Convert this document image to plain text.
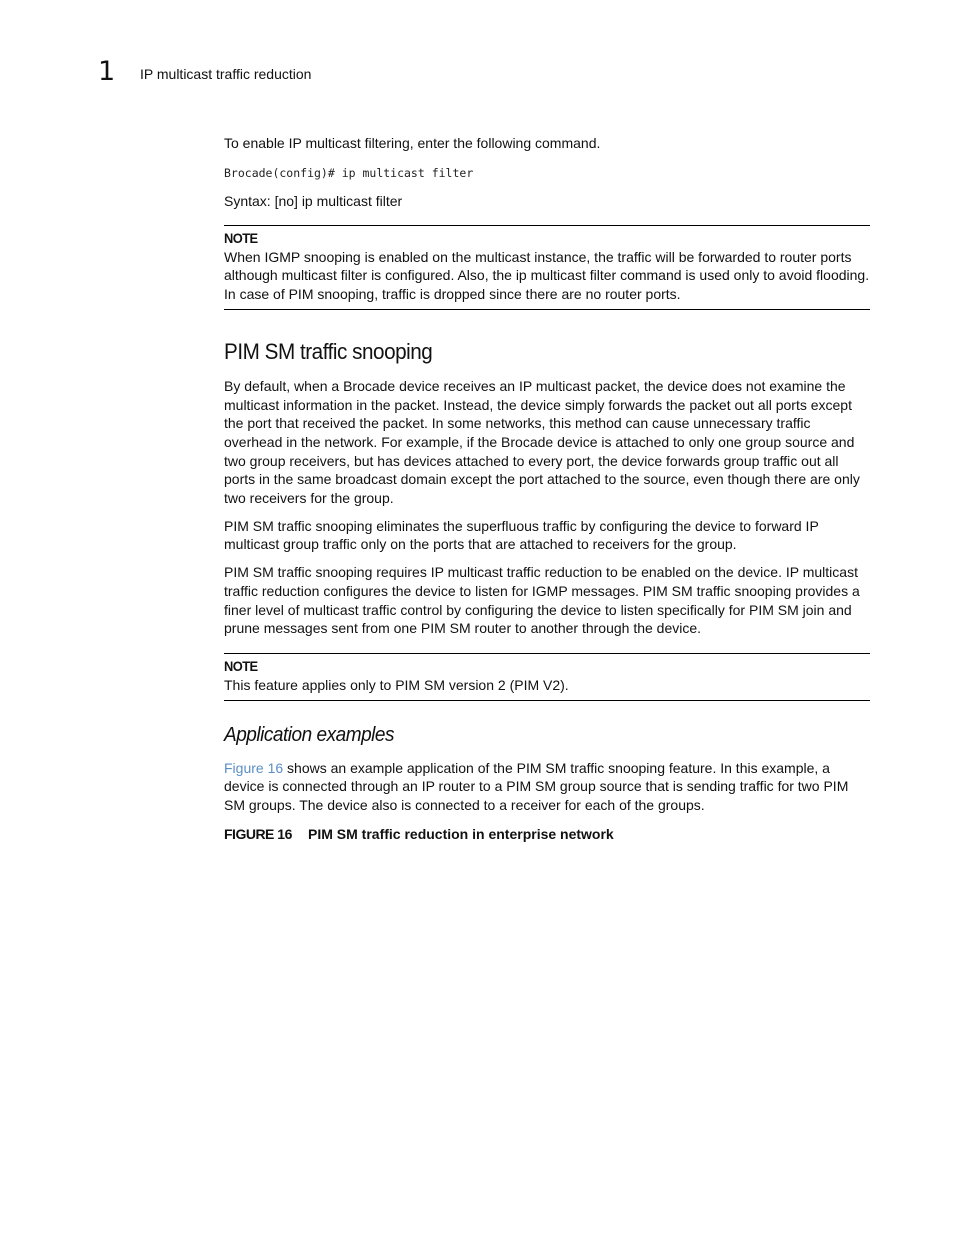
1 IP multicast traffic reduction

To enable IP multicast filtering, enter the following command.

Brocade(config)# ip multicast filter

Syntax: [no] ip multicast filter

NOTE

When IGMP snooping is enabled on the multicast instance, the traffic will be forwarded to router ports although multicast filter is configured. Also, the ip multicast filter command is used only to avoid flooding. In case of PIM snooping, traffic is dropped since there are no router ports.

PIM SM traffic snooping

By default, when a Brocade device receives an IP multicast packet, the device does not examine the multicast information in the packet. Instead, the device simply forwards the packet out all ports except the port that received the packet. In some networks, this method can cause unnecessary traffic overhead in the network. For example, if the Brocade device is attached to only one group source and two group receivers, but has devices attached to every port, the device forwards group traffic out all ports in the same broadcast domain except the port attached to the source, even though there are only two receivers for the group.

PIM SM traffic snooping eliminates the superfluous traffic by configuring the device to forward IP multicast group traffic only on the ports that are attached to receivers for the group.

PIM SM traffic snooping requires IP multicast traffic reduction to be enabled on the device. IP multicast traffic reduction configures the device to listen for IGMP messages. PIM SM traffic snooping provides a finer level of multicast traffic control by configuring the device to listen specifically for PIM SM join and prune messages sent from one PIM SM router to another through the device.

NOTE

This feature applies only to PIM SM version 2 (PIM V2).

Application examples

Figure 16 shows an example application of the PIM SM traffic snooping feature. In this example, a device is connected through an IP router to a PIM SM group source that is sending traffic for two PIM SM groups. The device also is connected to a receiver for each of the groups.

FIGURE 16 PIM SM traffic reduction in enterprise network
